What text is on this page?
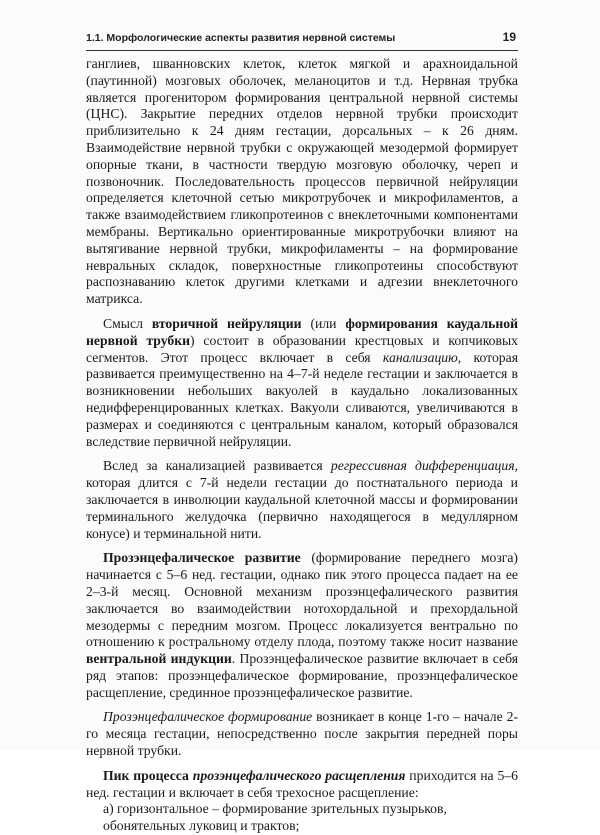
1.1. Морфологические аспекты развития нервной системы	19

ганглиев, шванновских клеток, клеток мягкой и арахноидальной (паутинной) мозговых оболочек, меланоцитов и т.д. Нервная трубка является прогенитором формирования центральной нервной системы (ЦНС). Закрытие передних отделов нервной трубки происходит приблизительно к 24 дням гестации, дорсальных – к 26 дням. Взаимодействие нервной трубки с окружающей мезодермой формирует опорные ткани, в частности твердую мозговую оболочку, череп и позвоночник. Последовательность процессов первичной нейруляции определяется клеточной сетью микротрубочек и микрофиламентов, а также взаимодействием гликопротеинов с внеклеточными компонентами мембраны. Вертикально ориентированные микротрубочки влияют на вытягивание нервной трубки, микрофиламенты – на формирование невральных складок, поверхностные гликопротеины способствуют распознаванию клеток другими клетками и адгезии внеклеточного матрикса.

Смысл вторичной нейруляции (или формирования каудальной нервной трубки) состоит в образовании крестцовых и копчиковых сегментов. Этот процесс включает в себя канализацию, которая развивается преимущественно на 4–7-й неделе гестации и заключается в возникновении небольших вакуолей в каудально локализованных недифференцированных клетках. Вакуоли сливаются, увеличиваются в размерах и соединяются с центральным каналом, который образовался вследствие первичной нейруляции.

Вслед за канализацией развивается регрессивная дифференциация, которая длится с 7-й недели гестации до постнатального периода и заключается в инволюции каудальной клеточной массы и формировании терминального желудочка (первично находящегося в медуллярном конусе) и терминальной нити.

Прозэнцефалическое развитие (формирование переднего мозга) начинается с 5–6 нед. гестации, однако пик этого процесса падает на ее 2–3-й месяц. Основной механизм прозэнцефалического развития заключается во взаимодействии нотохордальной и прехордальной мезодермы с передним мозгом. Процесс локализуется вентрально по отношению к ростральному отделу плода, поэтому также носит название вентральной индукции. Прозэнцефалическое развитие включает в себя ряд этапов: прозэнцефалическое формирование, прозэнцефалическое расщепление, срединное прозэнцефалическое развитие.

Прозэнцефалическое формирование возникает в конце 1-го – начале 2-го месяца гестации, непосредственно после закрытия передней поры нервной трубки.

Пик процесса прозэнцефалического расщепления приходится на 5–6 нед. гестации и включает в себя трехосное расщепление:

а) горизонтальное – формирование зрительных пузырьков, обонятельных луковиц и трактов;
